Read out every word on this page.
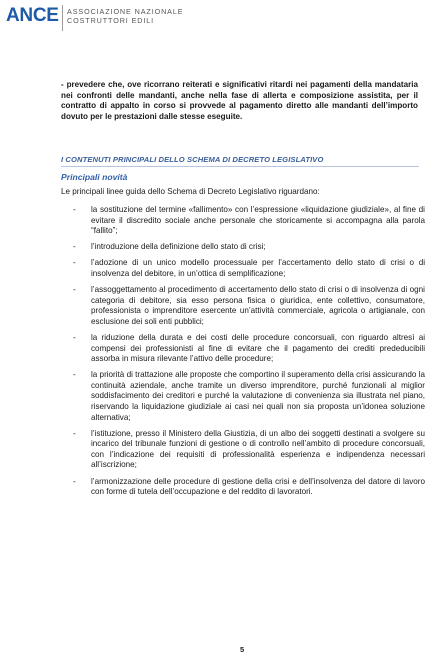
ANCE ASSOCIAZIONE NAZIONALE
COSTRUTTORI EDILI

- prevedere che, ove ricorrano reiterati e significativi ritardi nei pagamenti della mandataria nei confronti delle mandanti, anche nella fase di allerta e composizione assistita, per il contratto di appalto in corso si provvede al pagamento diretto alle mandanti dell’importo dovuto per le prestazioni dalle stesse eseguite.

I CONTENUTI PRINCIPALI DELLO SCHEMA DI DECRETO LEGISLATIVO
Principali novità
Le principali linee guida dello Schema di Decreto Legislativo riguardano:
- la sostituzione del termine «fallimento» con l’espressione «liquidazione giudiziale», al fine di evitare il discredito sociale anche personale che storicamente si accompagna alla parola “fallito”;

- l’introduzione della definizione dello stato di crisi;

- l’adozione di un unico modello processuale per l’accertamento dello stato di crisi o di insolvenza del debitore, in un’ottica di semplificazione;

- l’assoggettamento al procedimento di accertamento dello stato di crisi o di insolvenza di ogni categoria di debitore, sia esso persona fisica o giuridica, ente collettivo, consumatore, professionista o imprenditore esercente un’attività commerciale, agricola o artigianale, con esclusione dei soli enti pubblici;

- la riduzione della durata e dei costi delle procedure concorsuali, con riguardo altresì ai compensi dei professionisti al fine di evitare che il pagamento dei crediti prededucibili assorba in misura rilevante l’attivo delle procedure;

- la priorità di trattazione alle proposte che comportino il superamento della crisi assicurando la continuità aziendale, anche tramite un diverso imprenditore, purché funzionali al miglior soddisfacimento dei creditori e purché la valutazione di convenienza sia illustrata nel piano, riservando la liquidazione giudiziale ai casi nei quali non sia proposta un’idonea soluzione alternativa;

- l’istituzione, presso il Ministero della Giustizia, di un albo dei soggetti destinati a svolgere su incarico del tribunale funzioni di gestione o di controllo nell’ambito di procedure concorsuali, con l’indicazione dei requisiti di professionalità esperienza e indipendenza necessari all’iscrizione;

- l’armonizzazione delle procedure di gestione della crisi e dell’insolvenza del datore di lavoro con forme di tutela dell’occupazione e del reddito di lavoratori.

5
